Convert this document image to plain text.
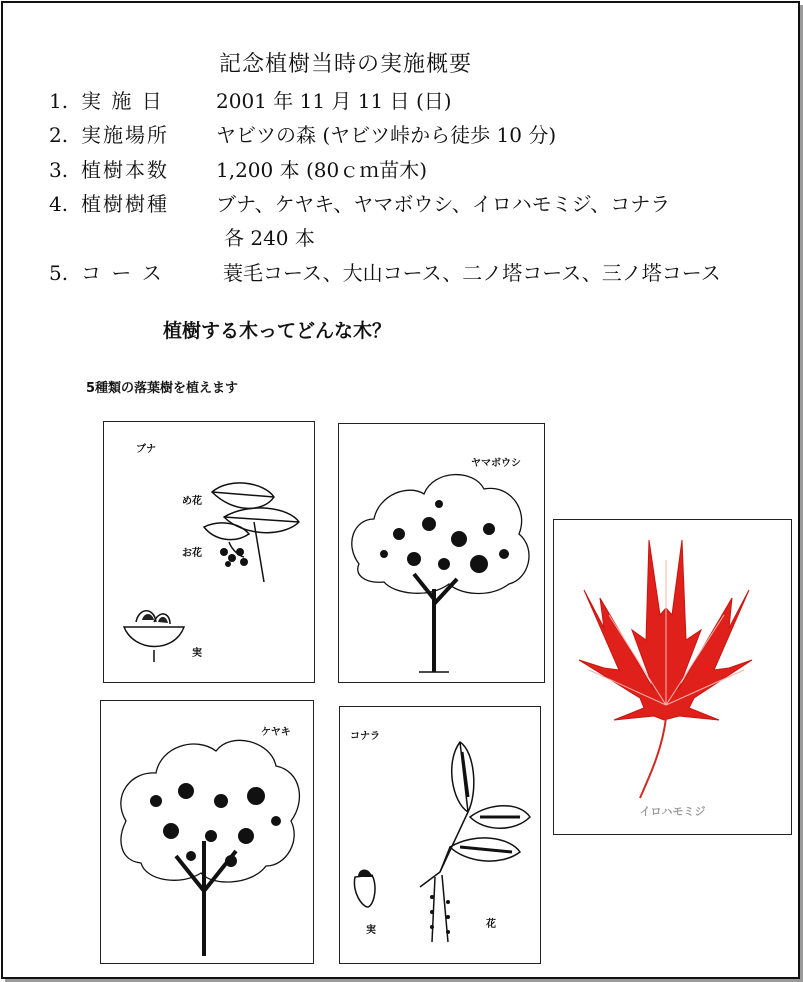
記念植樹当時の実施概要
1. 実 施 日	2001 年 11 月 11 日 (日)
2. 実施場所 ヤビツの森 (ヤビツ峠から徒歩 10 分)
3. 植樹本数 1,200 本 (80ｃｍ苗木)
4. 植樹樹種 ブナ、ケヤキ、ヤマボウシ、イロハモミジ、コナラ
各 240 本
5. コ ー ス	蓑毛コース、大山コース、二ノ塔コース、三ノ塔コース
植樹する木ってどんな木？
5種類の落葉樹を植えます
ブナ
め花
お花
実
ヤマボウシ
ケヤキ	コナラ
実
花
イロハモミジ
